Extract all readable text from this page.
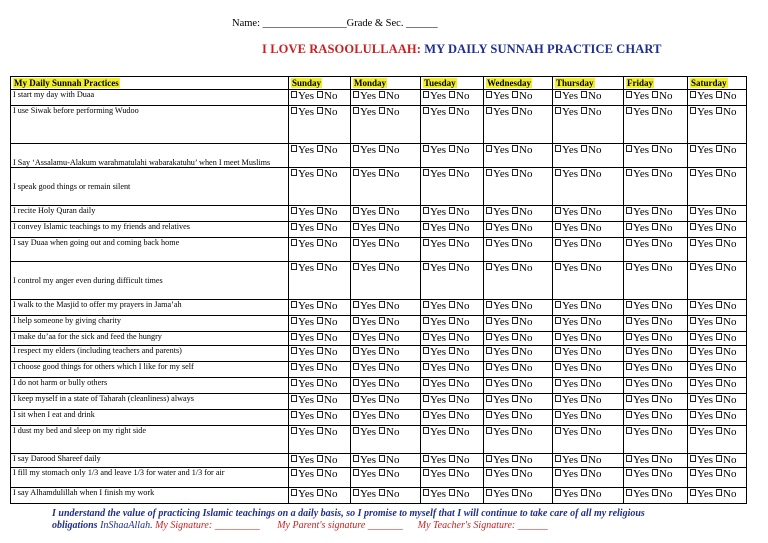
Name: ________________Grade & Sec. ______
I LOVE RASOOLULLAAH: MY DAILY SUNNAH PRACTICE CHART
My Daily Sunnah Practices	Sunday	Monday	Tuesday	Wednesday	Thursday	Friday	Saturday
I start my day with Duaa	Yes No	Yes No	Yes No	Yes No	Yes No	Yes No	Yes No
I use Siwak before performing Wudoo	Yes No	Yes No	Yes No	Yes No	Yes No	Yes No	Yes No
I Say ‘Assalamu-Alakum warahmatulahi wabarakatuhu’ when I meet Muslims	Yes No	Yes No	Yes No	Yes No	Yes No	Yes No	Yes No
I speak good things or remain silent	Yes No	Yes No	Yes No	Yes No	Yes No	Yes No	Yes No
I recite Holy Quran daily	Yes No	Yes No	Yes No	Yes No	Yes No	Yes No	Yes No
I convey Islamic teachings to my friends and relatives	Yes No	Yes No	Yes No	Yes No	Yes No	Yes No	Yes No
I say Duaa when going out and coming back home	Yes No	Yes No	Yes No	Yes No	Yes No	Yes No	Yes No
I control my anger even during difficult times	Yes No	Yes No	Yes No	Yes No	Yes No	Yes No	Yes No
I walk to the Masjid to offer my prayers in Jama’ah	Yes No	Yes No	Yes No	Yes No	Yes No	Yes No	Yes No
I help someone by giving charity	Yes No	Yes No	Yes No	Yes No	Yes No	Yes No	Yes No
I make du’aa for the sick and feed the hungry	Yes No	Yes No	Yes No	Yes No	Yes No	Yes No	Yes No
I respect my elders (including teachers and parents)	Yes No	Yes No	Yes No	Yes No	Yes No	Yes No	Yes No
I choose good things for others which I like for my self	Yes No	Yes No	Yes No	Yes No	Yes No	Yes No	Yes No
I do not harm or bully others	Yes No	Yes No	Yes No	Yes No	Yes No	Yes No	Yes No
I keep myself in a state of Taharah (cleanliness) always	Yes No	Yes No	Yes No	Yes No	Yes No	Yes No	Yes No
I sit when I eat and drink	Yes No	Yes No	Yes No	Yes No	Yes No	Yes No	Yes No
I dust my bed and sleep on my right side	Yes No	Yes No	Yes No	Yes No	Yes No	Yes No	Yes No
I say Darood Shareef daily	Yes No	Yes No	Yes No	Yes No	Yes No	Yes No	Yes No
I fill my stomach only 1/3 and leave 1/3 for water and 1/3 for air	Yes No	Yes No	Yes No	Yes No	Yes No	Yes No	Yes No
I say Alhamdulillah when I finish my work	Yes No	Yes No	Yes No	Yes No	Yes No	Yes No	Yes No
I understand the value of practicing Islamic teachings on a daily basis, so I promise to myself that I will continue to take care of all my religious
obligations InShaaAllah. My Signature: _________ My Parent's signature _______ My Teacher's Signature: ______
